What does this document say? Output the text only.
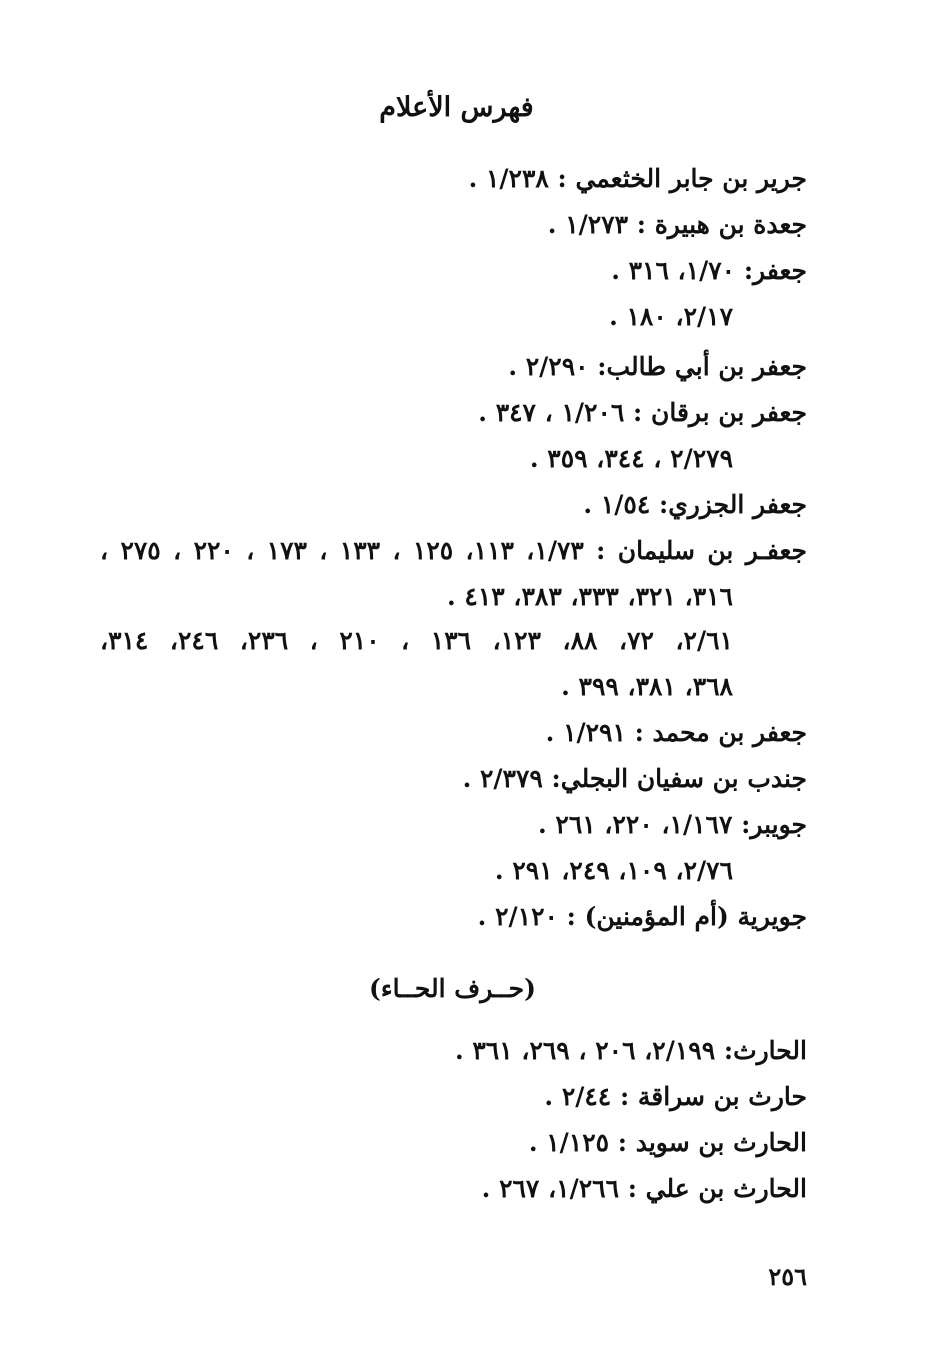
فهرس الأعلام
جرير بن جابر الخثعمي : ١/٢٣٨ .
جعدة بن هبيرة : ١/٢٧٣ .
جعفر: ١/٧٠، ٣١٦ .
٢/١٧، ١٨٠ .
جعفر بن أبي طالب: ٢/٢٩٠ .
جعفر بن برقان : ١/٢٠٦ ، ٣٤٧ .
٢/٢٧٩ ، ٣٤٤، ٣٥٩ .
جعفر الجزري: ١/٥٤ .
جعفـر بن سليمان : ١/٧٣، ١١٣، ١٢٥ ، ١٣٣ ، ١٧٣ ، ٢٢٠ ، ٢٧٥ ،
٣١٦، ٣٢١، ٣٣٣، ٣٨٣، ٤١٣ .
٢/٦١، ٧٢، ٨٨، ١٢٣، ١٣٦ ، ٢١٠ ، ٢٣٦، ٢٤٦، ٣١٤،
٣٦٨، ٣٨١، ٣٩٩ .
جعفر بن محمد : ١/٢٩١ .
جندب بن سفيان البجلي: ٢/٣٧٩ .
جويبر: ١/١٦٧، ٢٢٠، ٢٦١ .
٢/٧٦، ١٠٩، ٢٤٩، ٢٩١ .
جويرية (أم المؤمنين) : ٢/١٢٠ .
(حــرف الحــاء)
الحارث: ٢/١٩٩، ٢٠٦ ، ٢٦٩، ٣٦١ .
حارث بن سراقة : ٢/٤٤ .
الحارث بن سويد : ١/١٢٥ .
الحارث بن علي : ١/٢٦٦، ٢٦٧ .
٢٥٦
